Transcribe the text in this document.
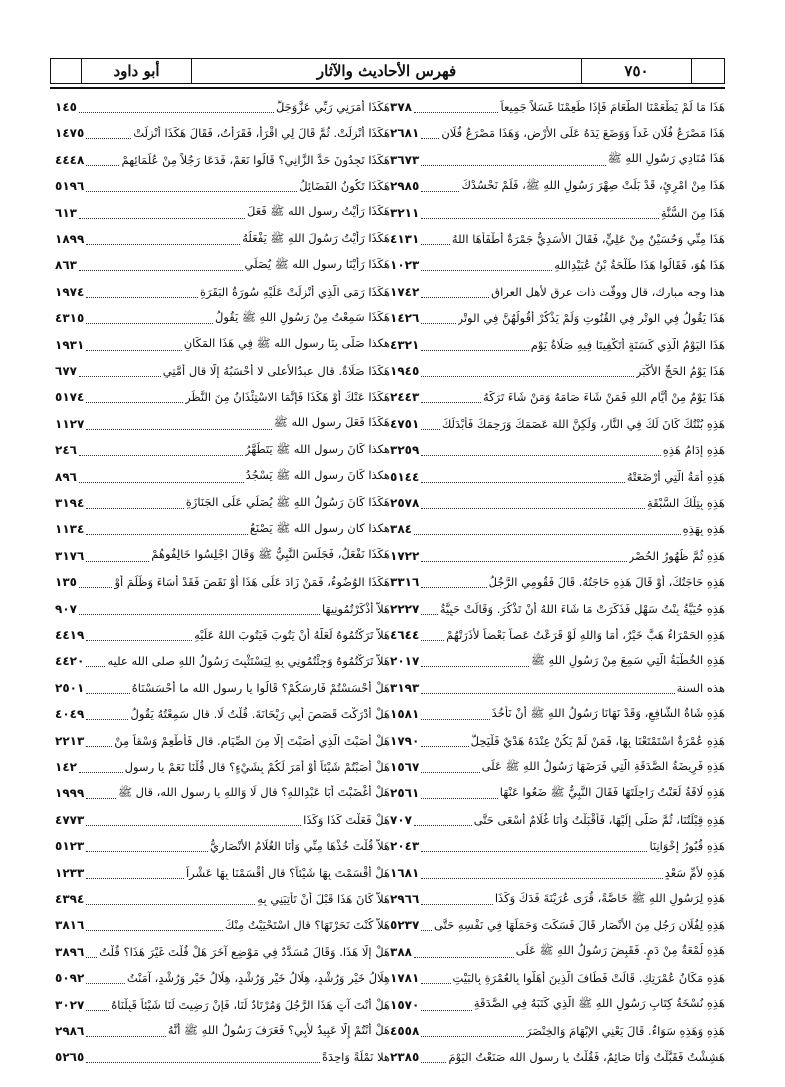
أبو داود	فهرس الأحاديث والآثار	٧٥٠
هَذَا مَا لَمْ يَطْعَمْنَا الطَّعَامَ فَإِذَا طَعِمْنَا غَسَلاً جَمِيعاً
٣٧٨
هَذَا مَصْرَعُ فُلَانٍ غَداً وَوَضَعَ يَدَهُ عَلَى الأَرْضِ، وَهَذَا مَصْرَعُ فُلَانٍ
٢٦٨١
هَذَا مُنَادِي رَسُولِ اللهِ ﷺ
٣٦٧٣
هَذَا مِنْ امْرِئٍ، قَدْ بَلَتْ صِهْرَ رَسُولِ اللهِ ﷺ، فَلَمْ نَحْسُدْكَ
٢٩٨٥
هَذَا مِنَ السُّنَّةِ
٣٢١١
هَذَا مِنِّي وَحُسَيْنٌ مِنْ عَلِيٍّ، فَقَالَ الأَسَدِيُّ جَمْرَةٌ أَطْفَأَهَا اللهُ
٤١٣١
هَذَا هُوَ، فَقَالُوا هَذَا طَلْحَةُ بْنُ عُبَيْدِاللهِ
١٠٢٣
هذا وجه مبارك، قال ووقّت ذات عرق لأهل العراق
١٧٤٢
هَذَا يَقُولُ فِي الوِتْرِ فِي القُنُوتِ وَلَمْ يَذْكُرْ أَقُولُهُنَّ فِي الوِتْرِ
١٤٢٦
هَذَا اليَوْمُ الَّذِي كَسَنَةٍ أَتَكْفِينَا فِيهِ صَلَاةُ يَوْمٍ
٤٣٢١
هَذَا يَوْمُ الحَجِّ الأَكْبَرِ
١٩٤٥
هَذَا يَوْمٌ مِنْ أَيَّامِ اللهِ فَمَنْ شَاءَ صَامَهُ وَمَنْ شَاءَ تَرَكَهُ
٢٤٤٣
هَذِهِ بُنْتُكَ كَانَ لَكَ فِي النَّارِ، وَلَكِنَّ اللهَ عَصَمَكَ وَرَحِمَكَ فَأَبْدَلَكَ
٤٧٥١
هَذِهِ إِدَامُ هَذِهِ
٣٢٥٩
هَذِهِ أَمَةُ الَّتِي أَرْضَعَتْهُ
٥١٤٤
هَذِهِ بِتِلْكَ السَّبْقَةِ
٢٥٧٨
هَذِهِ بِهَذِهِ
٣٨٤
هَذِهِ ثُمَّ ظُهُورُ الحُصْرِ
١٧٢٢
هَذِهِ حَاجَتُكَ، أَوْ قَالَ هَذِهِ حَاجَتُهُ. قَالَ فَقُومِي الرَّجُلُ
٣٣١٦
هَذِهِ حُيَيَّةُ بِنْتُ سَهْلٍ فَذَكَرَتْ مَا شَاءَ اللهُ أَنْ تَذْكُرَ. وَقَالَتْ حَيِيَّةُ
٢٢٢٧
هَذِهِ الحَمْرَاءُ هَبَّ خَيْرٌ، أَمَا وَاللهِ لَوْ قَرَعْتُ عَصاً بَعْضاً لأَذَرَتْهُمْ
٤٦٤٤
هَذِهِ الخُطْبَةُ الَّتِي سَمِعَ مِنْ رَسُولِ اللهِ ﷺ
٢٠١٧
هذه السنة
٣١٩٣
هَذِهِ شَاةُ الشَّافِعِ، وَقَدْ نَهَانَا رَسُولُ اللهِ ﷺ أَنْ نَأْخُذَ
١٥٨١
هَذِهِ عُمْرَةٌ اسْتَمْتَعْنَا بِهَا، فَمَنْ لَمْ يَكُنْ عِنْدَهُ هَدْيٌ فَلْيَحِلَّ
١٧٩٠
هَذِهِ فَرِيضَةُ الصَّدَقَةِ الَّتِي فَرَضَهَا رَسُولُ اللهِ ﷺ عَلَى
١٥٦٧
هَذِهِ لَاقَةُ لَعَنْتُ رَاحِلَتَهَا فَقَالَ النَّبِيُّ ﷺ ضَعُوا عَنْهَا
٢٥٦١
هَذِهِ قِبْلَتُنَا، ثُمَّ صَلَّى إِلَيْهَا، فَأَقْبَلْتُ وَأَنَا غُلَامٌ أَسْعَى حَتَّى
٧٠٧
هَذِهِ قُبُورُ إِخْوَانِنَا
٢٠٤٣
هَذِهِ لأُمِّ سَعْدٍ
١٦٨١
هَذِهِ لِرَسُولِ اللهِ ﷺ خَاصَّةً، قُرَى عُرَيْنَةَ فَدَكَ وَكَذَا
٢٩٦٦
هَذِهِ لِفُلَانٍ رَجُلٍ مِنَ الأَنْصَارِ قَالَ فَسَكَتَ وَحَمَلَهَا فِي نَفْسِهِ حَتَّى
٥٢٣٧
هَذِهِ لُمْعَةٌ مِنْ دَمٍ. فَقَبِضَ رَسُولُ اللهِ ﷺ عَلَى
٣٨٨
هَذِهِ مَكَانُ عُمْرَتِكِ. قَالَتْ فَطَافَ الَّذِينَ أَهَلُّوا بِالعُمْرَةِ بِالبَيْتِ
١٧٨١
هَذِهِ نُسْخَةُ كِتَابِ رَسُولِ اللهِ ﷺ الَّذِي كَتَبَهُ فِي الصَّدَقَةِ
١٥٧٠
هَذِهِ وَهَذِهِ سَوَاءٌ. قَالَ يَعْنِي الإِبْهَامَ وَالخِنْصَرَ
٤٥٥٨
هَشِشْتُ فَقَبَّلْتُ وَأَنَا صَائِمٌ، فَقُلْتُ يا رسول الله صَنَعْتُ اليَوْمَ
٢٣٨٥
هَكَذَا أَمَرَنِي رَبِّي عَزَّوَجَلَّ
١٤٥
هَكَذَا أُنْزِلَتْ. ثُمَّ قَالَ لِي اقْرَأْ، فَقَرَأْتُ، فَقَالَ هَكَذَا أُنْزِلَتْ
١٤٧٥
هَكَذَا تَجِدُونَ حَدَّ الزَّانِي؟ قَالُوا نَعَمْ، فَدَعَا رَجُلاً مِنْ عُلَمَائِهِمْ
٤٤٤٨
هَكَذَا تَكُونُ الفَضَائِلُ
٥١٩٦
هَكَذَا رَأَيْتُ رسول الله ﷺ فَعَلَ
٦١٣
هَكَذَا رَأَيْتُ رَسُولَ اللهِ ﷺ يَفْعَلُهُ
١٨٩٩
هَكَذَا رَأَيْنَا رسول الله ﷺ يُصَلِّي
٨٦٣
هَكَذَا رَمَى الَّذِي أُنْزِلَتْ عَلَيْهِ سُورَةُ البَقَرَةِ
١٩٧٤
هَكَذَا سَمِعْتُ مِنْ رَسُولِ اللهِ ﷺ يَقُولُ
٤٣١٥
هكذا صَلَّى بِنَا رسول الله ﷺ فِي هَذَا المَكَانِ
١٩٣١
هَكَذَا صَلَاةٌ. قال عبدُالأعلى لا أَحْسَبُهُ إِلَّا قال أُمَّتِي
٦٧٧
هَكَذَا عَنْكَ أَوْ هَكَذَا فَإِنَّمَا الاسْتِئْذَانُ مِنَ النَّظَرِ
٥١٧٤
هَكَذَا فَعَلَ رسول الله ﷺ
١١٢٧
هكذا كَانَ رسول الله ﷺ يَتَطَهَّرُ
٢٤٦
هكذا كَانَ رسول الله ﷺ يَسْجُدُ
٨٩٦
هَكَذَا كَانَ رَسُولُ اللهِ ﷺ يُصَلِّي عَلَى الجَنَازَةِ
٣١٩٤
هكذا كان رسول الله ﷺ يَصْنَعُ
١١٣٤
هَكَذَا نَفْعَلُ، فَجَلَسَ النَّبِيُّ ﷺ وَقَالَ اجْلِسُوا خَالِفُوهُمْ
٣١٧٦
هَكَذَا الوُضُوءُ، فَمَنْ زَادَ عَلَى هَذَا أَوْ نَقَصَ فَقَدْ أَسَاءَ وَظَلَمَ أَوْ
١٣٥
هَلاَّ أَذْكَرْتُمُونِيهَا
٩٠٧
هَلاَّ تَرَكْتُمُوهُ لَعَلَّهُ أَنْ يَتُوبَ فَيَتُوبَ اللهُ عَلَيْهِ
٤٤١٩
هَلاَّ تَرَكْتُمُوهُ وَجِئْتُمُونِي بِهِ لِيَسْتَثْبِتَ رَسُولُ اللهِ صلى الله عليه
٤٤٢٠
هَلْ أَحْسَسْتُمْ فَارِسَكُمْ؟ قَالُوا يا رسول الله ما أَحْسَسْنَاهُ
٢٥٠١
هَلْ أَدْرَكْتَ قَصَصَ أَبِي رَيْحَانَةَ. قُلْتُ لَا. قال سَمِعْتُهُ يَقُولُ
٤٠٤٩
هَلْ أَصَبْتَ الَّذِي أَصَبْتَ إِلَّا مِنَ الصِّيَامِ. قال فَأَطْعِمْ وَسْقاً مِنْ
٢٢١٣
هَلْ أَصَبْتُمْ شَيْئاً أَوْ أَمَرَ لَكُمْ بِشَيْءٍ؟ قال قُلْنَا نَعَمْ يا رسول
١٤٢
هَلْ أَغْضَبْتَ أَبَا عَبْدِاللهِ؟ قال لَا وَاللهِ يا رسول الله، قال ﷺ
١٩٩٩
هَلْ فَعَلْتَ كَذَا وَكَذَا
٤٧٧٣
هَلاَّ قُلْتَ خُذْهَا مِنِّي وَأَنَا الغُلَامُ الأَنْصَارِيُّ
٥١٢٣
هَلْ أَقْسَمْتَ بِهَا شَيْئاً؟ قال أَقْسَمْنَا بِهَا عَشْراً
١٢٣٣
هَلاَّ كَانَ هَذَا قَبْلَ أَنْ تَأْتِيَنِي بِهِ
٤٣٩٤
هَلاَّ كُنْتَ نَحَرْتَهَا؟ قال اسْتَحْيَيْتُ مِنْكَ
٣٨١٦
هَلْ إِلَّا هَذَا. وَقَالَ مُسَدَّدٌ فِي مَوْضِعٍ آخَرَ هَلْ قُلْتَ غَيْرَ هَذَا؟ قُلْتُ
٣٨٩٦
هِلَالُ خَيْرٍ وَرُشْدٍ، هِلَالُ خَيْرٍ وَرُشْدٍ، هِلَالُ خَيْرٍ وَرُشْدٍ، آمَنْتُ
٥٠٩٢
هَلْ أَنْتَ آتٍ هَذَا الرَّجُلَ وَمُرْتَادٌ لَنَا، فَإِنْ رَضِيتَ لَنَا شَيْئاً قَبِلْنَاهُ
٣٠٢٧
هَلْ أَنْتُمْ إِلَّا عَبِيدٌ لأَبِي؟ فَعَرَفَ رَسُولُ اللهِ ﷺ أَنَّهُ
٢٩٨٦
هلا نَمْلَةً وَاحِدَةً
٥٢٦٥
